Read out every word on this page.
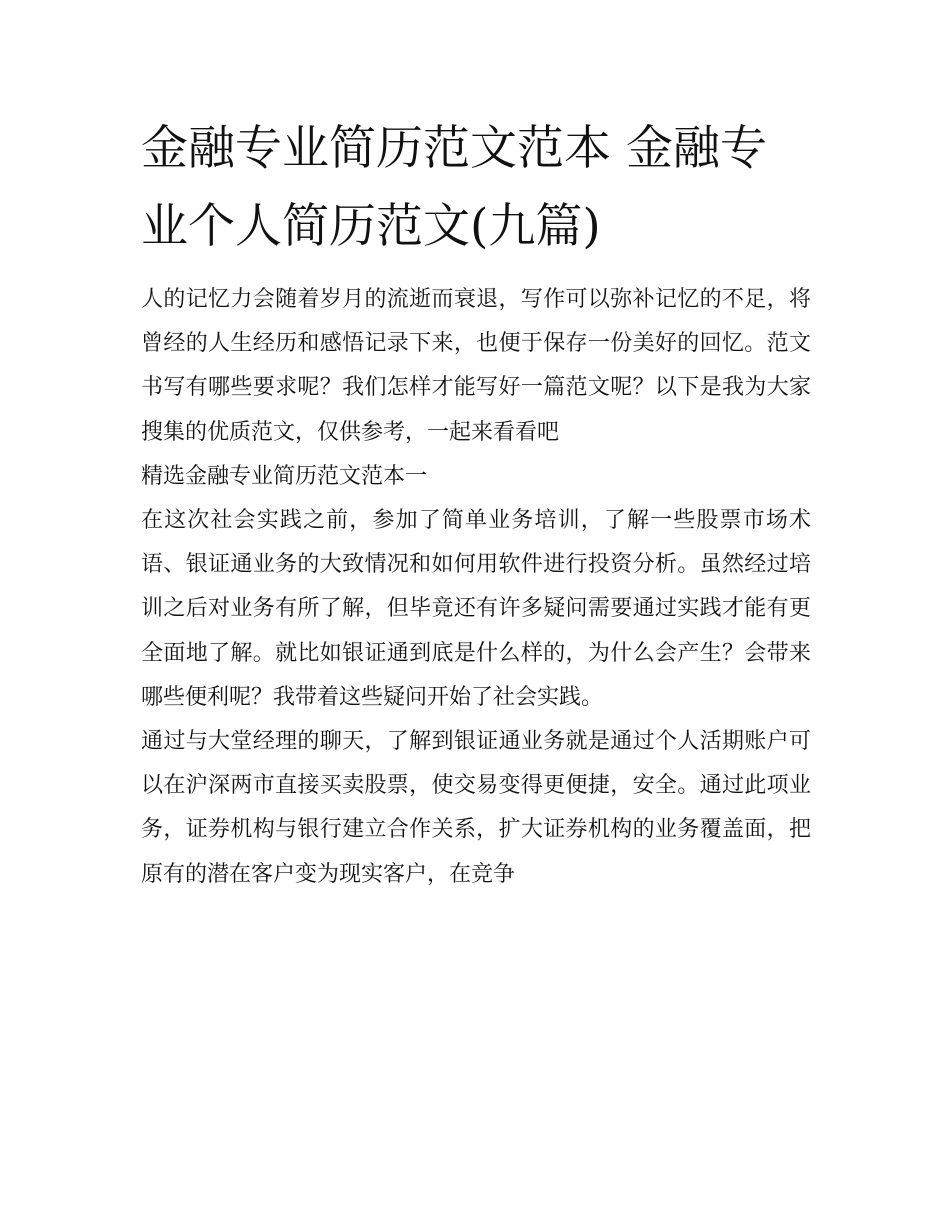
金融专业简历范文范本 金融专业个人简历范文(九篇)

人的记忆力会随着岁月的流逝而衰退，写作可以弥补记忆的不足，将曾经的人生经历和感悟记录下来，也便于保存一份美好的回忆。范文书写有哪些要求呢？我们怎样才能写好一篇范文呢？以下是我为大家搜集的优质范文，仅供参考，一起来看看吧

精选金融专业简历范文范本一

在这次社会实践之前，参加了简单业务培训，了解一些股票市场术语、银证通业务的大致情况和如何用软件进行投资分析。虽然经过培训之后对业务有所了解，但毕竟还有许多疑问需要通过实践才能有更全面地了解。就比如银证通到底是什么样的，为什么会产生？会带来哪些便利呢？我带着这些疑问开始了社会实践。

通过与大堂经理的聊天，了解到银证通业务就是通过个人活期账户可以在沪深两市直接买卖股票，使交易变得更便捷，安全。通过此项业务，证券机构与银行建立合作关系，扩大证券机构的业务覆盖面，把原有的潜在客户变为现实客户，在竞争
